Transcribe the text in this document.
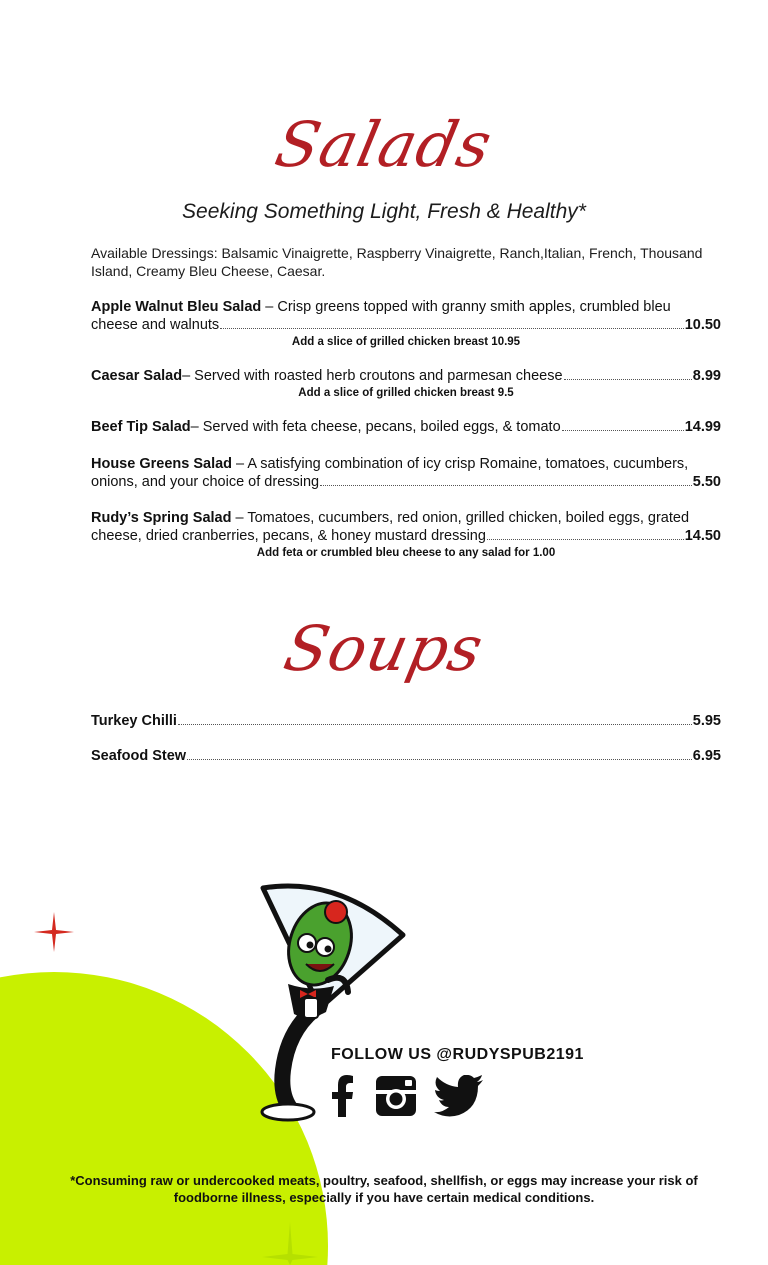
Salads
Seeking Something Light, Fresh & Healthy*
Available Dressings: Balsamic Vinaigrette, Raspberry Vinaigrette, Ranch,Italian, French, Thousand Island, Creamy Bleu Cheese, Caesar.
Apple Walnut Bleu Salad – Crisp greens topped with granny smith apples, crumbled bleu
cheese and walnuts	10.50
Add a slice of grilled chicken breast 10.95
Caesar Salad – Served with roasted herb croutons and parmesan cheese	8.99
Add a slice of grilled chicken breast 9.5
Beef Tip Salad – Served with feta cheese, pecans, boiled eggs, & tomato	14.99
House Greens Salad – A satisfying combination of icy crisp Romaine, tomatoes, cucumbers,
onions, and your choice of dressing	5.50
Rudy’s Spring Salad – Tomatoes, cucumbers, red onion, grilled chicken, boiled eggs, grated
cheese, dried cranberries, pecans, & honey mustard dressing	14.50
Add feta or crumbled bleu cheese to any salad for 1.00
Soups
Turkey Chilli	5.95
Seafood Stew	6.95
FOLLOW US @RUDYSPUB2191
*Consuming raw or undercooked meats, poultry, seafood, shellfish, or eggs may increase your risk of foodborne illness, especially if you have certain medical conditions.
